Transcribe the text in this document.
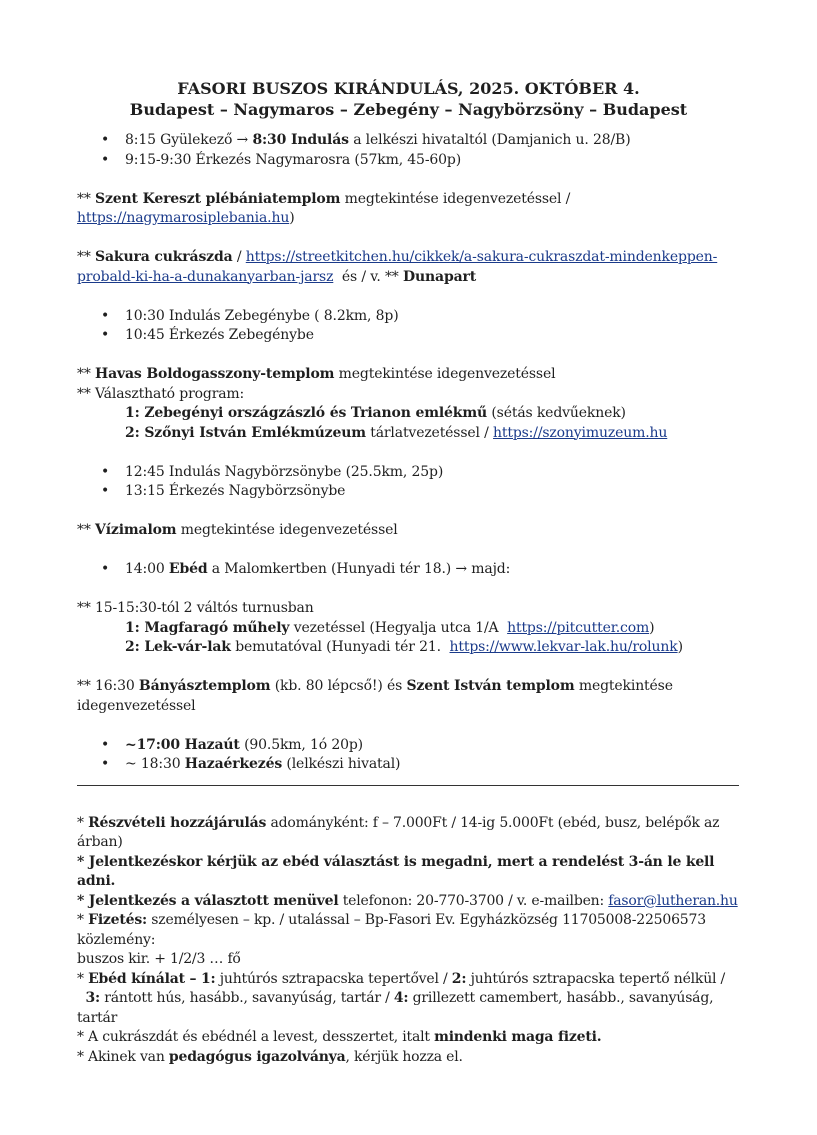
FASORI BUSZOS KIRÁNDULÁS, 2025. OKTÓBER 4.
Budapest – Nagymaros – Zebegény – Nagybörzsöny – Budapest
• 8:15 Gyülekező → 8:30 Indulás a lelkészi hivataltól (Damjanich u. 28/B)
• 9:15-9:30 Érkezés Nagymarosra (57km, 45-60p)
** Szent Kereszt plébániatemplom megtekintése idegenvezetéssel /
https://nagymarosiplebania.hu)
** Sakura cukrászda / https://streetkitchen.hu/cikkek/a-sakura-cukraszdat-mindenkeppen-
probald-ki-ha-a-dunakanyarban-jarsz és / v. ** Dunapart
• 10:30 Indulás Zebegénybe ( 8.2km, 8p)
• 10:45 Érkezés Zebegénybe
** Havas Boldogasszony-templom megtekintése idegenvezetéssel
** Választható program:
1: Zebegényi országzászló és Trianon emlékmű (sétás kedvűeknek)
2: Szőnyi István Emlékmúzeum tárlatvezetéssel / https://szonyimuzeum.hu
• 12:45 Indulás Nagybörzsönybe (25.5km, 25p)
• 13:15 Érkezés Nagybörzsönybe
** Vízimalom megtekintése idegenvezetéssel
• 14:00 Ebéd a Malomkertben (Hunyadi tér 18.) → majd:
** 15-15:30-tól 2 váltós turnusban
1: Magfaragó műhely vezetéssel (Hegyalja utca 1/A https://pitcutter.com)
2: Lek-vár-lak bemutatóval (Hunyadi tér 21. https://www.lekvar-lak.hu/rolunk)
** 16:30 Bányásztemplom (kb. 80 lépcső!) és Szent István templom megtekintése idegenvezetéssel
• ~17:00 Hazaút (90.5km, 1ó 20p)
• ~ 18:30 Hazaérkezés (lelkészi hivatal)
* Részvételi hozzájárulás adományként: f – 7.000Ft / 14-ig 5.000Ft (ebéd, busz, belépők az árban)
* Jelentkezéskor kérjük az ebéd választást is megadni, mert a rendelést 3-án le kell adni.
* Jelentkezés a választott menüvel telefonon: 20-770-3700 / v. e-mailben: fasor@lutheran.hu
* Fizetés: személyesen – kp. / utalással – Bp-Fasori Ev. Egyházközség 11705008-22506573 közlemény:
buszos kir. + 1/2/3 … fő
* Ebéd kínálat – 1: juhtúrós sztrapacska tepertővel / 2: juhtúrós sztrapacska tepertő nélkül /
3: rántott hús, hasább., savanyúság, tartár / 4: grillezett camembert, hasább., savanyúság, tartár
* A cukrászdát és ebédnél a levest, desszertet, italt mindenki maga fizeti.
* Akinek van pedagógus igazolványa, kérjük hozza el.
